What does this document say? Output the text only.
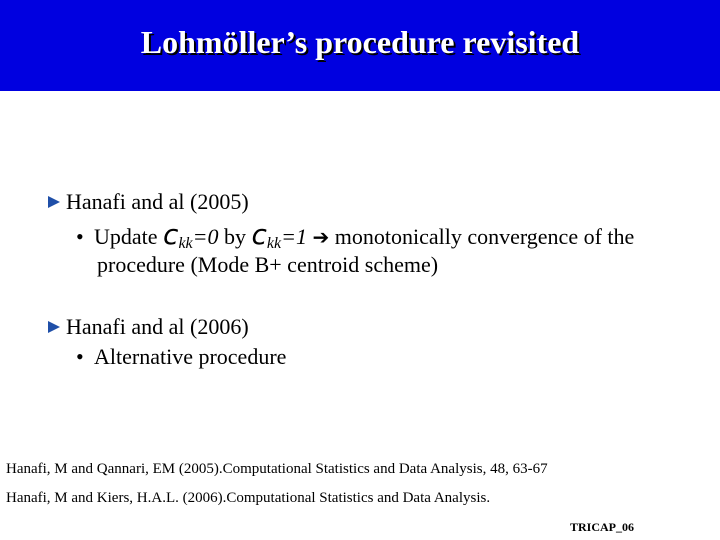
Lohmöller’s procedure revisited
Hanafi and al (2005)
• Update $c_{kk}=0$ by $c_{kk}=1$ ➔ monotonically convergence of the
procedure (Mode B+ centroid scheme)
Hanafi and al (2006)
• Alternative procedure
Hanafi, M and Qannari, EM (2005).Computational Statistics and Data Analysis, 48, 63-67
Hanafi, M and Kiers, H.A.L. (2006).Computational Statistics and Data Analysis.
TRICAP_06
